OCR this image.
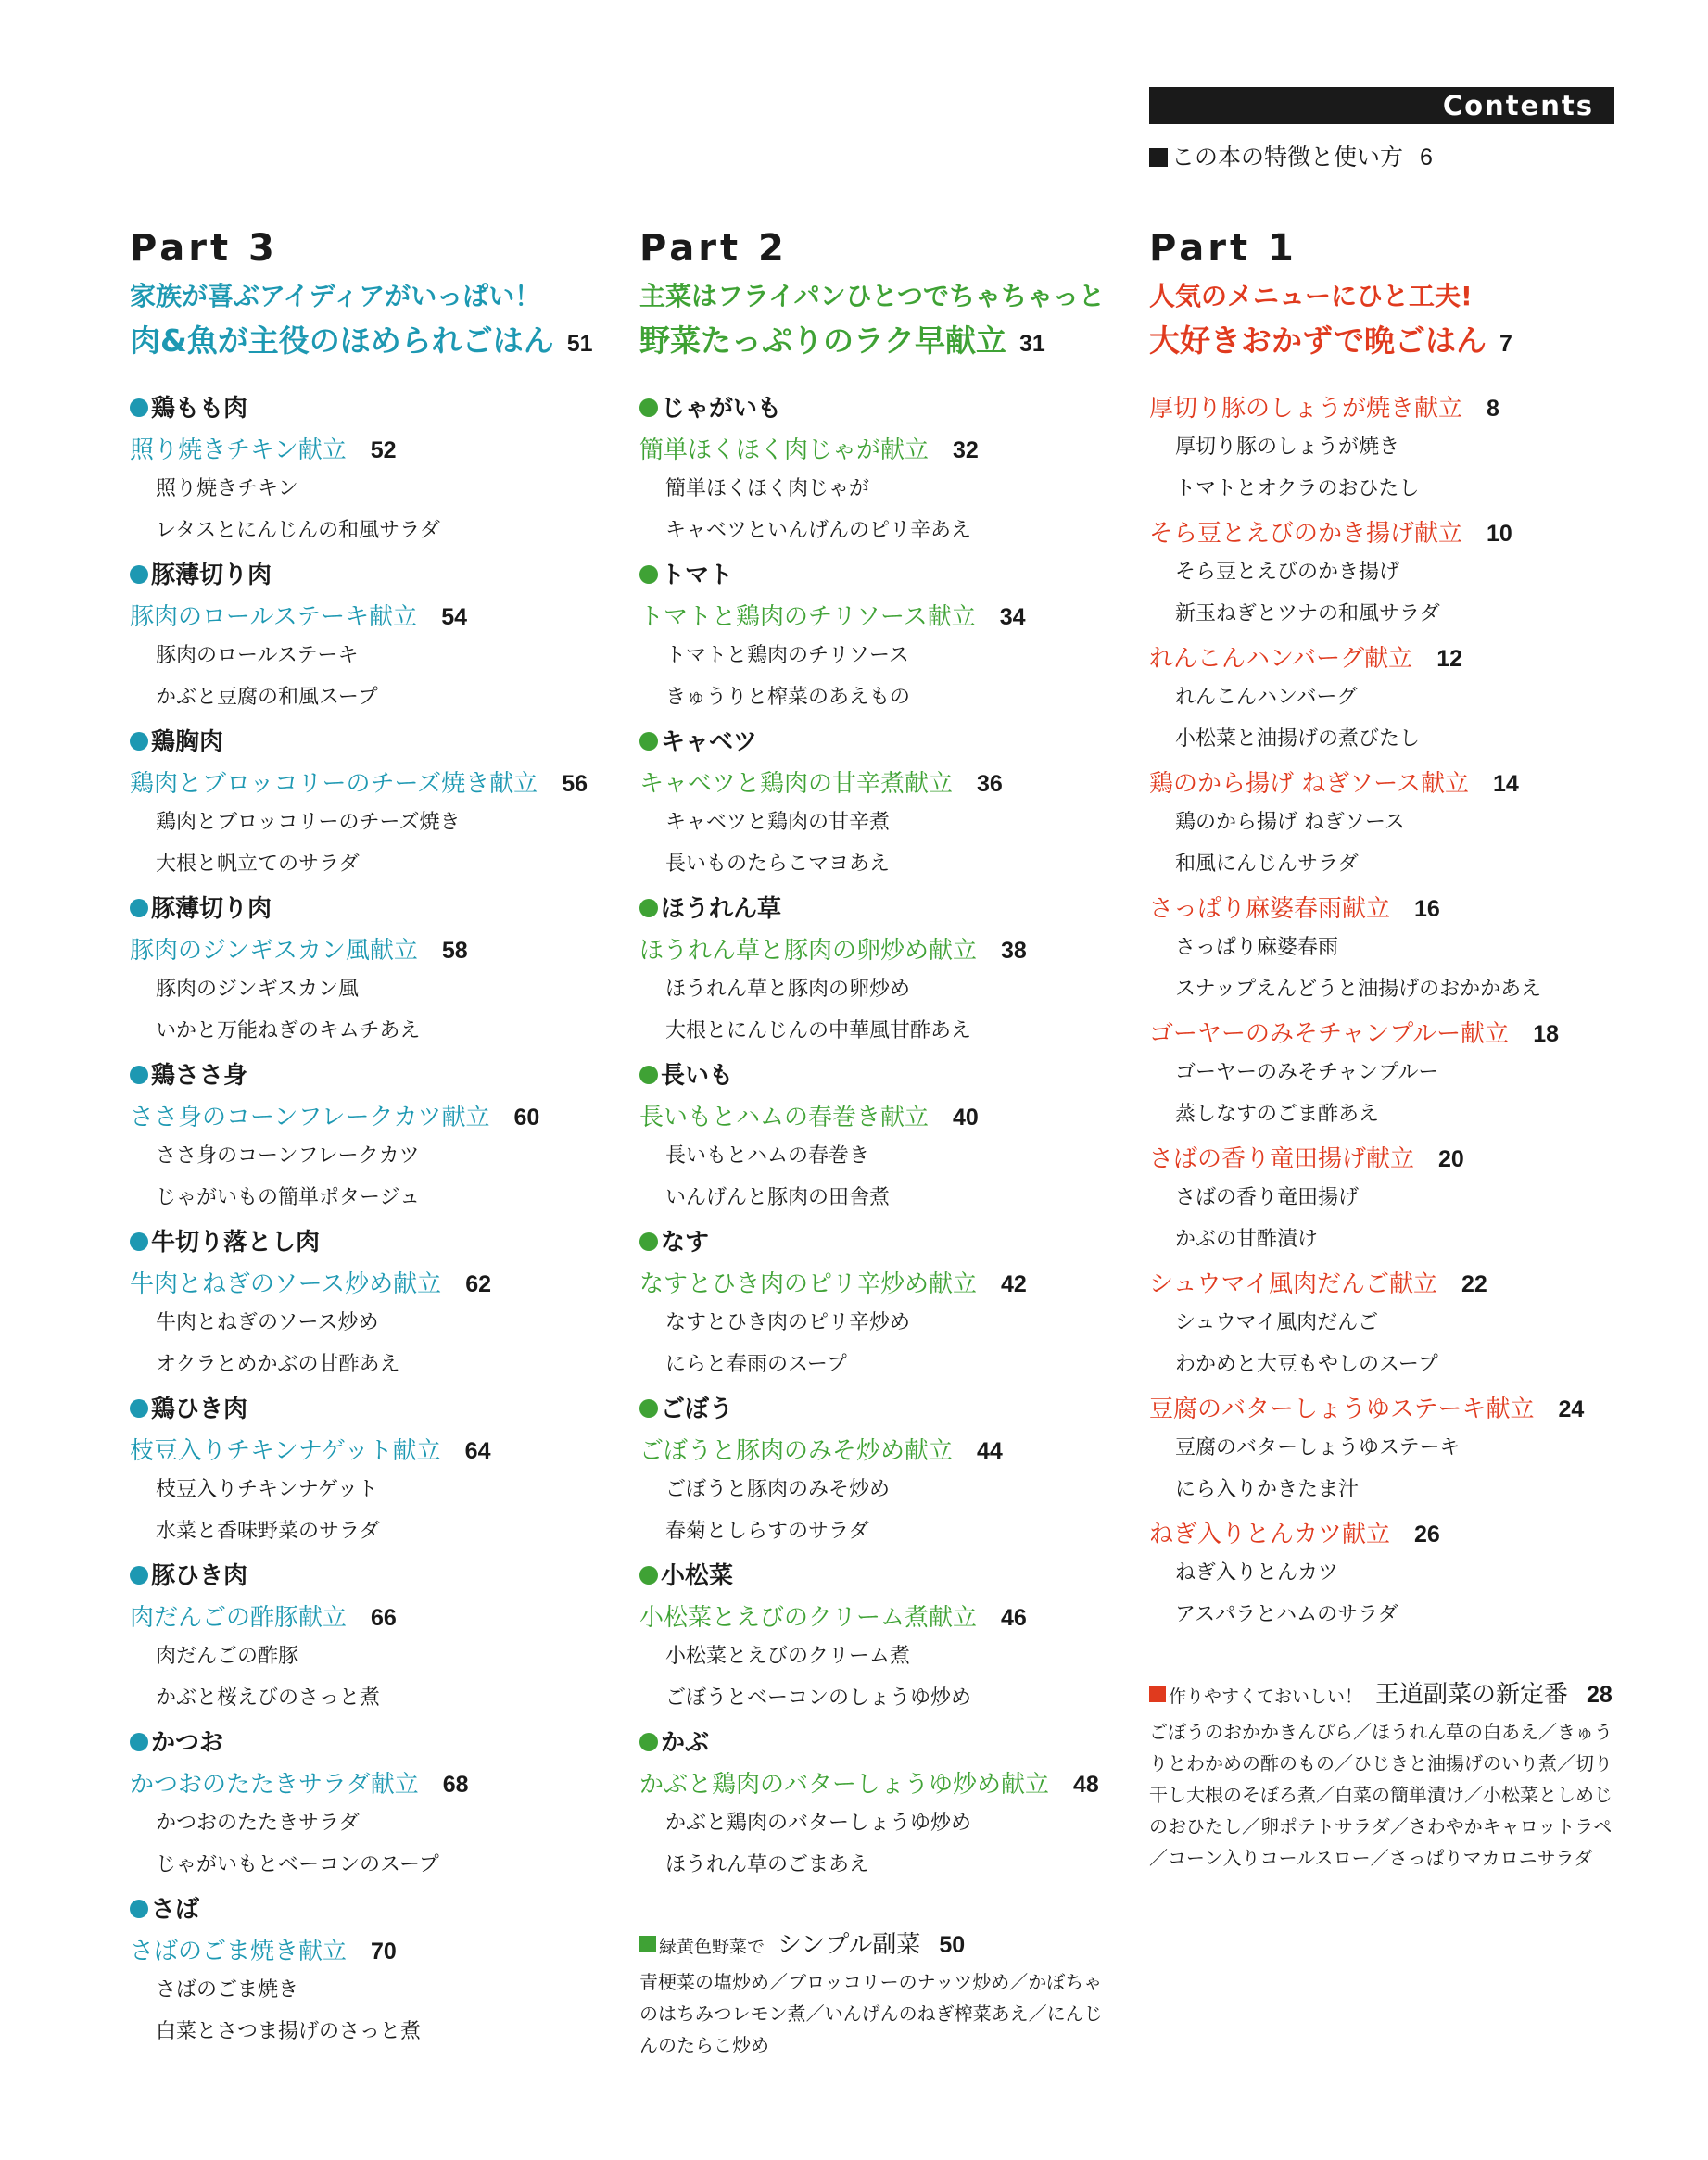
Contents
この本の特徴と使い方 6
Part 3
家族が喜ぶアイディアがいっぱい！
肉&魚が主役のほめられごはん 51
鶏もも肉
照り焼きチキン献立 52
照り焼きチキン
レタスとにんじんの和風サラダ
豚薄切り肉
豚肉のロールステーキ献立 54
豚肉のロールステーキ
かぶと豆腐の和風スープ
鶏胸肉
鶏肉とブロッコリーのチーズ焼き献立 56
鶏肉とブロッコリーのチーズ焼き
大根と帆立てのサラダ
豚薄切り肉
豚肉のジンギスカン風献立 58
豚肉のジンギスカン風
いかと万能ねぎのキムチあえ
鶏ささ身
ささ身のコーンフレークカツ献立 60
ささ身のコーンフレークカツ
じゃがいもの簡単ポタージュ
牛切り落とし肉
牛肉とねぎのソース炒め献立 62
牛肉とねぎのソース炒め
オクラとめかぶの甘酢あえ
鶏ひき肉
枝豆入りチキンナゲット献立 64
枝豆入りチキンナゲット
水菜と香味野菜のサラダ
豚ひき肉
肉だんごの酢豚献立 66
肉だんごの酢豚
かぶと桜えびのさっと煮
かつお
かつおのたたきサラダ献立 68
かつおのたたきサラダ
じゃがいもとベーコンのスープ
さば
さばのごま焼き献立 70
さばのごま焼き
白菜とさつま揚げのさっと煮
Part 2
主菜はフライパンひとつでちゃちゃっと
野菜たっぷりのラク早献立 31
じゃがいも
簡単ほくほく肉じゃが献立 32
簡単ほくほく肉じゃが
キャベツといんげんのピリ辛あえ
トマト
トマトと鶏肉のチリソース献立 34
トマトと鶏肉のチリソース
きゅうりと榨菜のあえもの
キャベツ
キャベツと鶏肉の甘辛煮献立 36
キャベツと鶏肉の甘辛煮
長いものたらこマヨあえ
ほうれん草
ほうれん草と豚肉の卵炒め献立 38
ほうれん草と豚肉の卵炒め
大根とにんじんの中華風甘酢あえ
長いも
長いもとハムの春巻き献立 40
長いもとハムの春巻き
いんげんと豚肉の田舎煮
なす
なすとひき肉のピリ辛炒め献立 42
なすとひき肉のピリ辛炒め
にらと春雨のスープ
ごぼう
ごぼうと豚肉のみそ炒め献立 44
ごぼうと豚肉のみそ炒め
春菊としらすのサラダ
小松菜
小松菜とえびのクリーム煮献立 46
小松菜とえびのクリーム煮
ごぼうとベーコンのしょうゆ炒め
かぶ
かぶと鶏肉のバターしょうゆ炒め献立 48
かぶと鶏肉のバターしょうゆ炒め
ほうれん草のごまあえ
緑黄色野菜で シンプル副菜 50
青梗菜の塩炒め／ブロッコリーのナッツ炒め／かぼちゃのはちみつレモン煮／いんげんのねぎ榨菜あえ／にんじんのたらこ炒め
Part 1
人気のメニューにひと工夫!
大好きおかずで晩ごはん 7
厚切り豚のしょうが焼き献立 8
厚切り豚のしょうが焼き
トマトとオクラのおひたし
そら豆とえびのかき揚げ献立 10
そら豆とえびのかき揚げ
新玉ねぎとツナの和風サラダ
れんこんハンバーグ献立 12
れんこんハンバーグ
小松菜と油揚げの煮びたし
鶏のから揚げ ねぎソース献立 14
鶏のから揚げ ねぎソース
和風にんじんサラダ
さっぱり麻婆春雨献立 16
さっぱり麻婆春雨
スナップえんどうと油揚げのおかかあえ
ゴーヤーのみそチャンプルー献立 18
ゴーヤーのみそチャンプルー
蒸しなすのごま酢あえ
さばの香り竜田揚げ献立 20
さばの香り竜田揚げ
かぶの甘酢漬け
シュウマイ風肉だんご献立 22
シュウマイ風肉だんご
わかめと大豆もやしのスープ
豆腐のバターしょうゆステーキ献立 24
豆腐のバターしょうゆステーキ
にら入りかきたま汁
ねぎ入りとんカツ献立 26
ねぎ入りとんカツ
アスパラとハムのサラダ
作りやすくておいしい！ 王道副菜の新定番 28
ごぼうのおかかきんぴら／ほうれん草の白あえ／きゅうりとわかめの酢のもの／ひじきと油揚げのいり煮／切り干し大根のそぼろ煮／白菜の簡単漬け／小松菜としめじのおひたし／卵ポテトサラダ／さわやかキャロットラペ／コーン入りコールスロー／さっぱりマカロニサラダ
